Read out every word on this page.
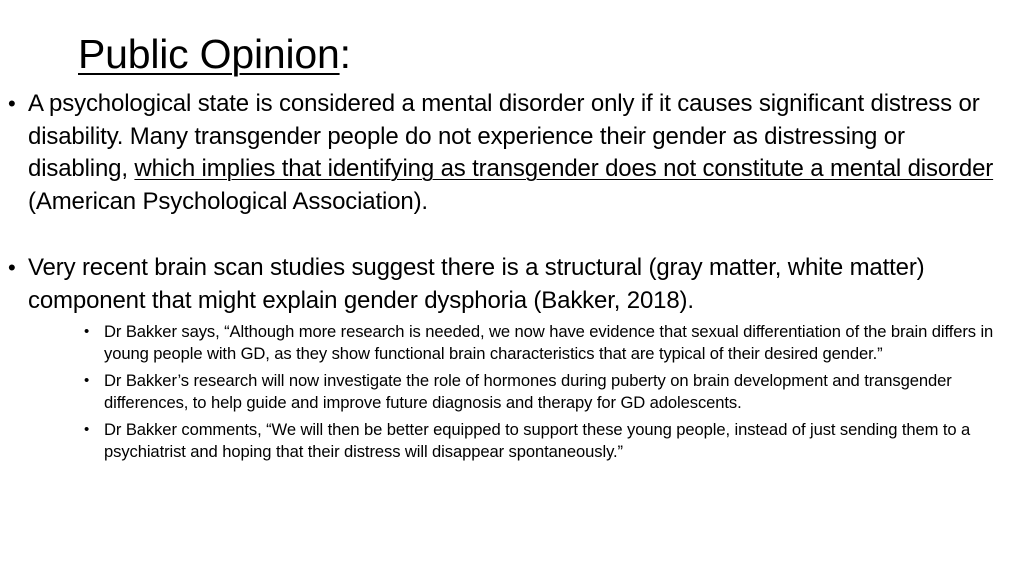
Public Opinion:
• A psychological state is considered a mental disorder only if it causes significant distress or disability. Many transgender people do not experience their gender as distressing or disabling, which implies that identifying as transgender does not constitute a mental disorder (American Psychological Association).
• Very recent brain scan studies suggest there is a structural (gray matter, white matter) component that might explain gender dysphoria (Bakker, 2018).
• Dr Bakker says, “Although more research is needed, we now have evidence that sexual differentiation of the brain differs in young people with GD, as they show functional brain characteristics that are typical of their desired gender.”
• Dr Bakker’s research will now investigate the role of hormones during puberty on brain development and transgender differences, to help guide and improve future diagnosis and therapy for GD adolescents.
• Dr Bakker comments, “We will then be better equipped to support these young people, instead of just sending them to a psychiatrist and hoping that their distress will disappear spontaneously.”
